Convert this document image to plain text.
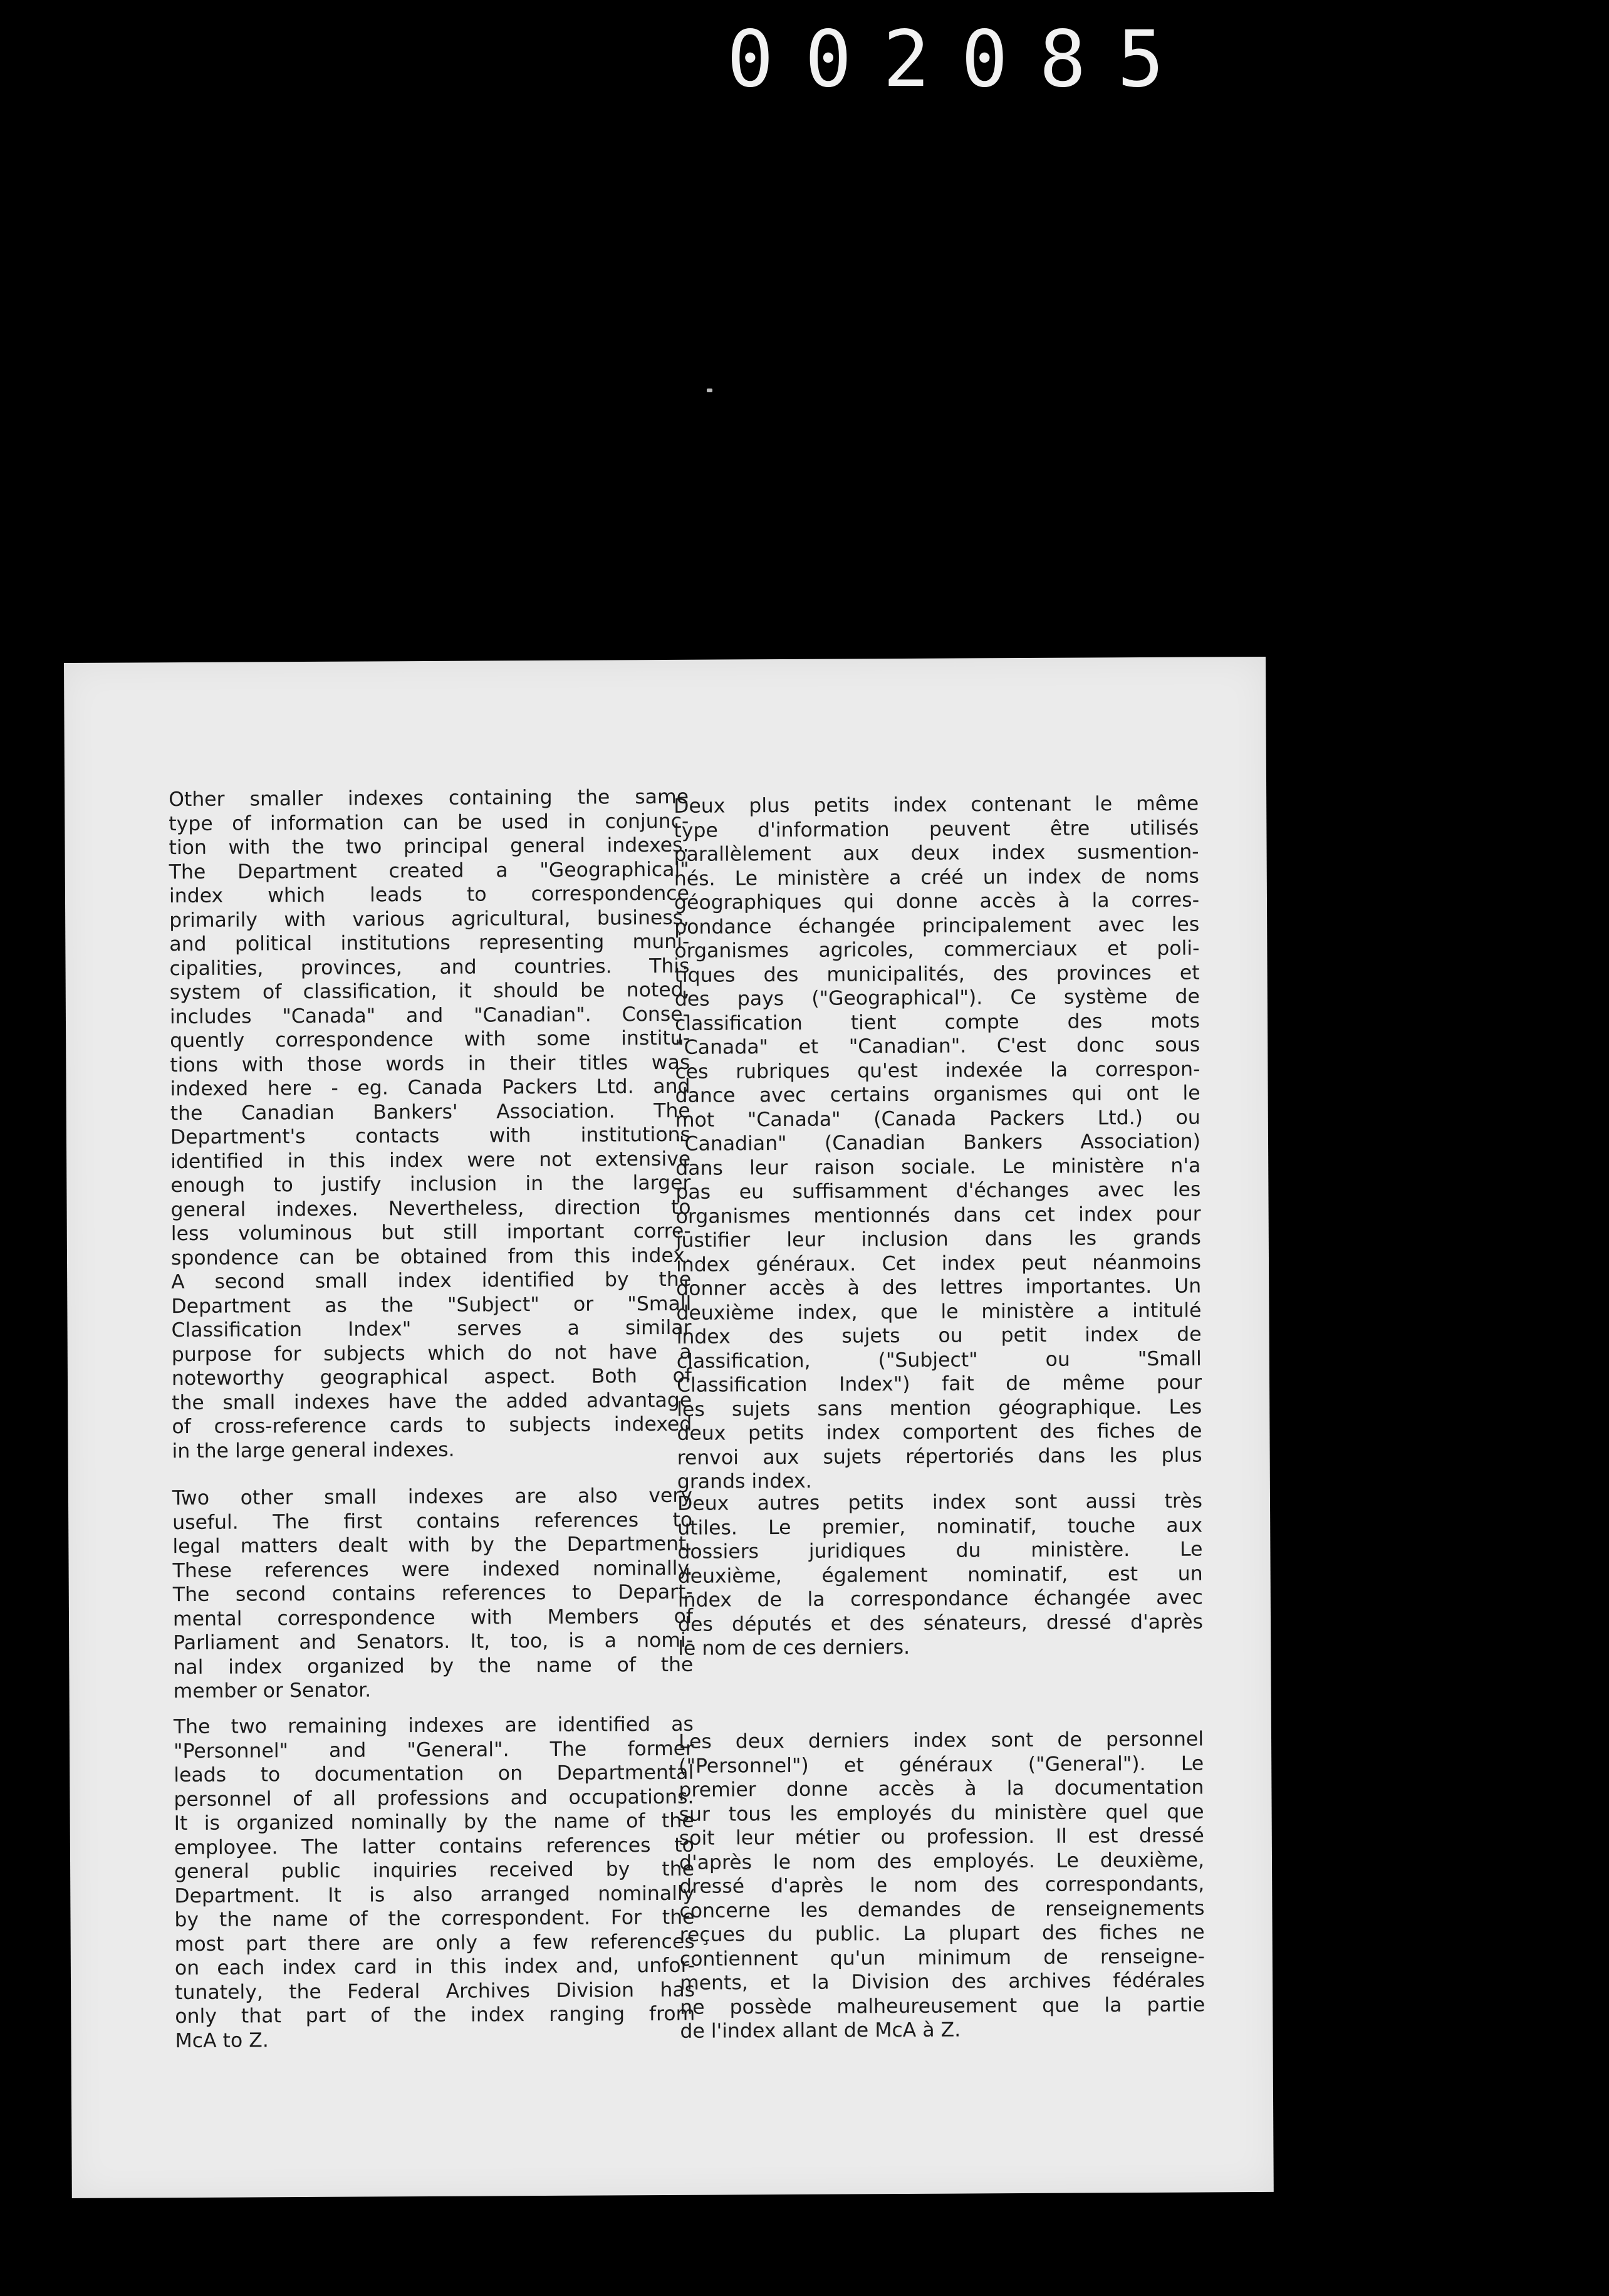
002085
Other smaller indexes containing the same
type of information can be used in conjunc-
tion with the two principal general indexes.
The Department created a "Geographical"
index which leads to correspondence
primarily with various agricultural, business,
and political institutions representing muni-
cipalities, provinces, and countries. This
system of classification, it should be noted,
includes "Canada" and "Canadian". Conse-
quently correspondence with some institu-
tions with those words in their titles was
indexed here - eg. Canada Packers Ltd. and
the Canadian Bankers' Association. The
Department's contacts with institutions
identified in this index were not extensive
enough to justify inclusion in the larger
general indexes. Nevertheless, direction to
less voluminous but still important corre-
spondence can be obtained from this index.
A second small index identified by the
Department as the "Subject" or "Small
Classification Index" serves a similar
purpose for subjects which do not have a
noteworthy geographical aspect. Both of
the small indexes have the added advantage
of cross-reference cards to subjects indexed
in the large general indexes.
Two other small indexes are also very
useful. The first contains references to
legal matters dealt with by the Department.
These references were indexed nominally.
The second contains references to Depart-
mental correspondence with Members of
Parliament and Senators. It, too, is a nomi-
nal index organized by the name of the
member or Senator.
The two remaining indexes are identified as
"Personnel" and "General". The former
leads to documentation on Departmental
personnel of all professions and occupations.
It is organized nominally by the name of the
employee. The latter contains references to
general public inquiries received by the
Department. It is also arranged nominally
by the name of the correspondent. For the
most part there are only a few references
on each index card in this index and, unfor-
tunately, the Federal Archives Division has
only that part of the index ranging from
McA to Z.
Deux plus petits index contenant le même
type d'information peuvent être utilisés
parallèlement aux deux index susmention-
nés. Le ministère a créé un index de noms
géographiques qui donne accès à la corres-
pondance échangée principalement avec les
organismes agricoles, commerciaux et poli-
tiques des municipalités, des provinces et
des pays ("Geographical"). Ce système de
classification tient compte des mots
"Canada" et "Canadian". C'est donc sous
ces rubriques qu'est indexée la correspon-
dance avec certains organismes qui ont le
mot "Canada" (Canada Packers Ltd.) ou
"Canadian" (Canadian Bankers Association)
dans leur raison sociale. Le ministère n'a
pas eu suffisamment d'échanges avec les
organismes mentionnés dans cet index pour
justifier leur inclusion dans les grands
index généraux. Cet index peut néanmoins
donner accès à des lettres importantes. Un
deuxième index, que le ministère a intitulé
index des sujets ou petit index de
classification, ("Subject" ou "Small
Classification Index") fait de même pour
les sujets sans mention géographique. Les
deux petits index comportent des fiches de
renvoi aux sujets répertoriés dans les plus
grands index.
Deux autres petits index sont aussi très
utiles. Le premier, nominatif, touche aux
dossiers juridiques du ministère. Le
deuxième, également nominatif, est un
index de la correspondance échangée avec
des députés et des sénateurs, dressé d'après
le nom de ces derniers.
Les deux derniers index sont de personnel
("Personnel") et généraux ("General"). Le
premier donne accès à la documentation
sur tous les employés du ministère quel que
soit leur métier ou profession. Il est dressé
d'après le nom des employés. Le deuxième,
dressé d'après le nom des correspondants,
concerne les demandes de renseignements
reçues du public. La plupart des fiches ne
contiennent qu'un minimum de renseigne-
ments, et la Division des archives fédérales
ne possède malheureusement que la partie
de l'index allant de McA à Z.
